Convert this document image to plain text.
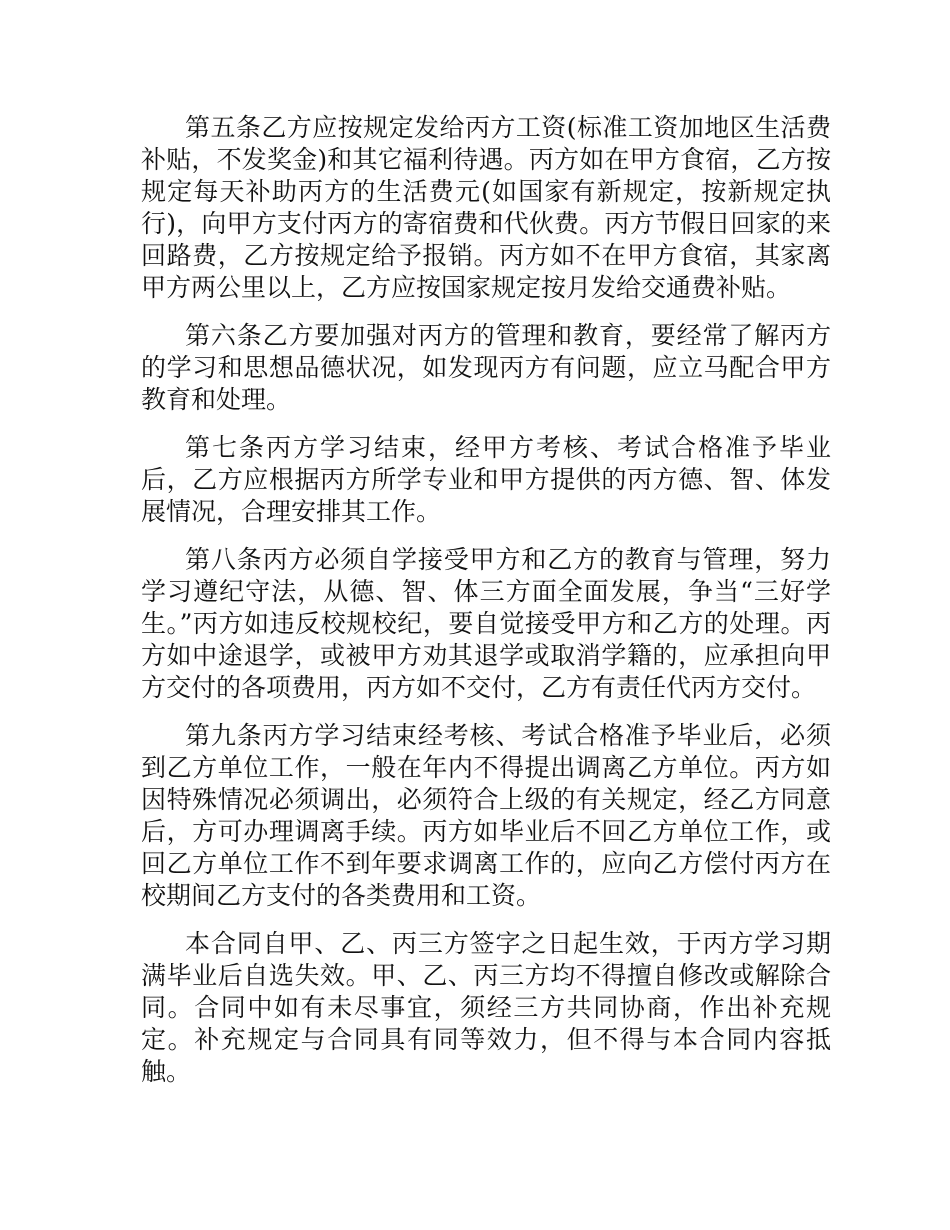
第五条乙方应按规定发给丙方工资(标准工资加地区生活费补贴，不发奖金)和其它福利待遇。丙方如在甲方食宿，乙方按规定每天补助丙方的生活费元(如国家有新规定，按新规定执行)，向甲方支付丙方的寄宿费和代伙费。丙方节假日回家的来回路费，乙方按规定给予报销。丙方如不在甲方食宿，其家离甲方两公里以上，乙方应按国家规定按月发给交通费补贴。

第六条乙方要加强对丙方的管理和教育，要经常了解丙方的学习和思想品德状况，如发现丙方有问题，应立马配合甲方教育和处理。

第七条丙方学习结束，经甲方考核、考试合格准予毕业后，乙方应根据丙方所学专业和甲方提供的丙方德、智、体发展情况，合理安排其工作。

第八条丙方必须自学接受甲方和乙方的教育与管理，努力学习遵纪守法，从德、智、体三方面全面发展，争当“三好学生。”丙方如违反校规校纪，要自觉接受甲方和乙方的处理。丙方如中途退学，或被甲方劝其退学或取消学籍的，应承担向甲方交付的各项费用，丙方如不交付，乙方有责任代丙方交付。

第九条丙方学习结束经考核、考试合格准予毕业后，必须到乙方单位工作，一般在年内不得提出调离乙方单位。丙方如因特殊情况必须调出，必须符合上级的有关规定，经乙方同意后，方可办理调离手续。丙方如毕业后不回乙方单位工作，或回乙方单位工作不到年要求调离工作的，应向乙方偿付丙方在校期间乙方支付的各类费用和工资。

本合同自甲、乙、丙三方签字之日起生效，于丙方学习期满毕业后自选失效。甲、乙、丙三方均不得擅自修改或解除合同。合同中如有未尽事宜，须经三方共同协商，作出补充规定。补充规定与合同具有同等效力，但不得与本合同内容抵触。
